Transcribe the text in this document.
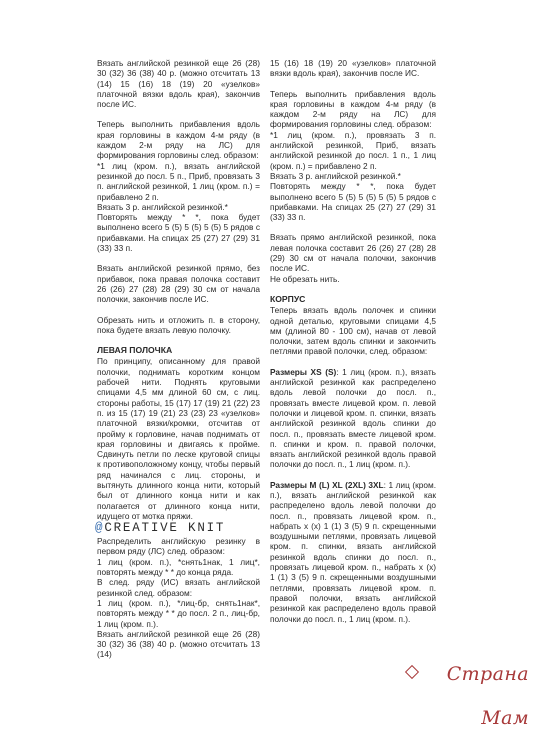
Вязать английской резинкой еще 26 (28) 30 (32) 36 (38) 40 р. (можно отсчитать 13 (14) 15 (16) 18 (19) 20 «узелков» платочной вязки вдоль края), закончив после ИС.

Теперь выполнить прибавления вдоль края горловины в каждом 4-м ряду (в каждом 2-м ряду на ЛС) для формирования горловины след. образом:
*1 лиц (кром. п.), вязать английской резинкой до посл. 5 п., Приб, провязать 3 п. английской резинкой, 1 лиц (кром. п.) = прибавлено 2 п.
Вязать 3 р. английской резинкой.*
Повторять между * *, пока будет выполнено всего 5 (5) 5 (5) 5 (5) 5 рядов с прибавками. На спицах 25 (27) 27 (29) 31 (33) 33 п.

Вязать английской резинкой прямо, без прибавок, пока правая полочка составит 26 (26) 27 (28) 28 (29) 30 см от начала полочки, закончив после ИС.

Обрезать нить и отложить п. в сторону, пока будете вязать левую полочку.

ЛЕВАЯ ПОЛОЧКА

По принципу, описанному для правой полочки, поднимать коротким концом рабочей нити. Поднять круговыми спицами 4,5 мм длиной 60 см, с лиц. стороны работы, 15 (17) 17 (19) 21 (22) 23 п. из 15 (17) 19 (21) 23 (23) 23 «узелков» платочной вязки/кромки, отсчитав от пройму к горловине, начав поднимать от края горловины и двигаясь к пройме. Сдвинуть петли по леске круговой спицы к противоположному концу, чтобы первый ряд начинался с лиц. стороны, и вытянуть длинного конца нити, который был от длинного конца нити и как полагается от длинного конца нити, идущего от мотка пряжи.

@CREATIVE KNIT

Распределить английскую резинку в первом ряду (ЛС) след. образом:
1 лиц (кром. п.), *снять1нак, 1 лиц*, повторять между * * до конца ряда.
В след. ряду (ИС) вязать английской резинкой след. образом:
1 лиц (кром. п.), *лиц-бр, снять1нак*, повторять между * * до посл. 2 п., лиц-бр, 1 лиц (кром. п.).
Вязать английской резинкой еще 26 (28) 30 (32) 36 (38) 40 р. (можно отсчитать 13 (14)

15 (16) 18 (19) 20 «узелков» платочной вязки вдоль края), закончив после ИС.

Теперь выполнить прибавления вдоль края горловины в каждом 4-м ряду (в каждом 2-м ряду на ЛС) для формирования горловины след. образом:
*1 лиц (кром. п.), провязать 3 п. английской резинкой, Приб, вязать английской резинкой до посл. 1 п., 1 лиц (кром. п.) = прибавлено 2 п.
Вязать 3 р. английской резинкой.*
Повторять между * *, пока будет выполнено всего 5 (5) 5 (5) 5 (5) 5 рядов с прибавками. На спицах 25 (27) 27 (29) 31 (33) 33 п.

Вязать прямо английской резинкой, пока левая полочка составит 26 (26) 27 (28) 28 (29) 30 см от начала полочки, закончив после ИС.
Не обрезать нить.

КОРПУС

Теперь вязать вдоль полочек и спинки одной деталью, круговыми спицами 4,5 мм (длиной 80 - 100 см), начав от левой полочки, затем вдоль спинки и закончить петлями правой полочки, след. образом:

Размеры XS (S): 1 лиц (кром. п.), вязать английской резинкой как распределено вдоль левой полочки до посл. п., провязать вместе лицевой кром. п. левой полочки и лицевой кром. п. спинки, вязать английской резинкой вдоль спинки до посл. п., провязать вместе лицевой кром. п. спинки и кром. п. правой полочки, вязать английской резинкой вдоль правой полочки до посл. п., 1 лиц (кром. п.).

Размеры M (L) XL (2XL) 3XL: 1 лиц (кром. п.), вязать английской резинкой как распределено вдоль левой полочки до посл. п., провязать лицевой кром. п., набрать х (х) 1 (1) 3 (5) 9 п. скрещенными воздушными петлями, провязать лицевой кром. п. спинки, вязать английской резинкой вдоль спинки до посл. п., провязать лицевой кром. п., набрать х (х) 1 (1) 3 (5) 9 п. скрещенными воздушными петлями, провязать лицевой кром. п. правой полочки, вязать английской резинкой как распределено вдоль правой полочки до посл. п., 1 лиц (кром. п.).

Страна Мам
